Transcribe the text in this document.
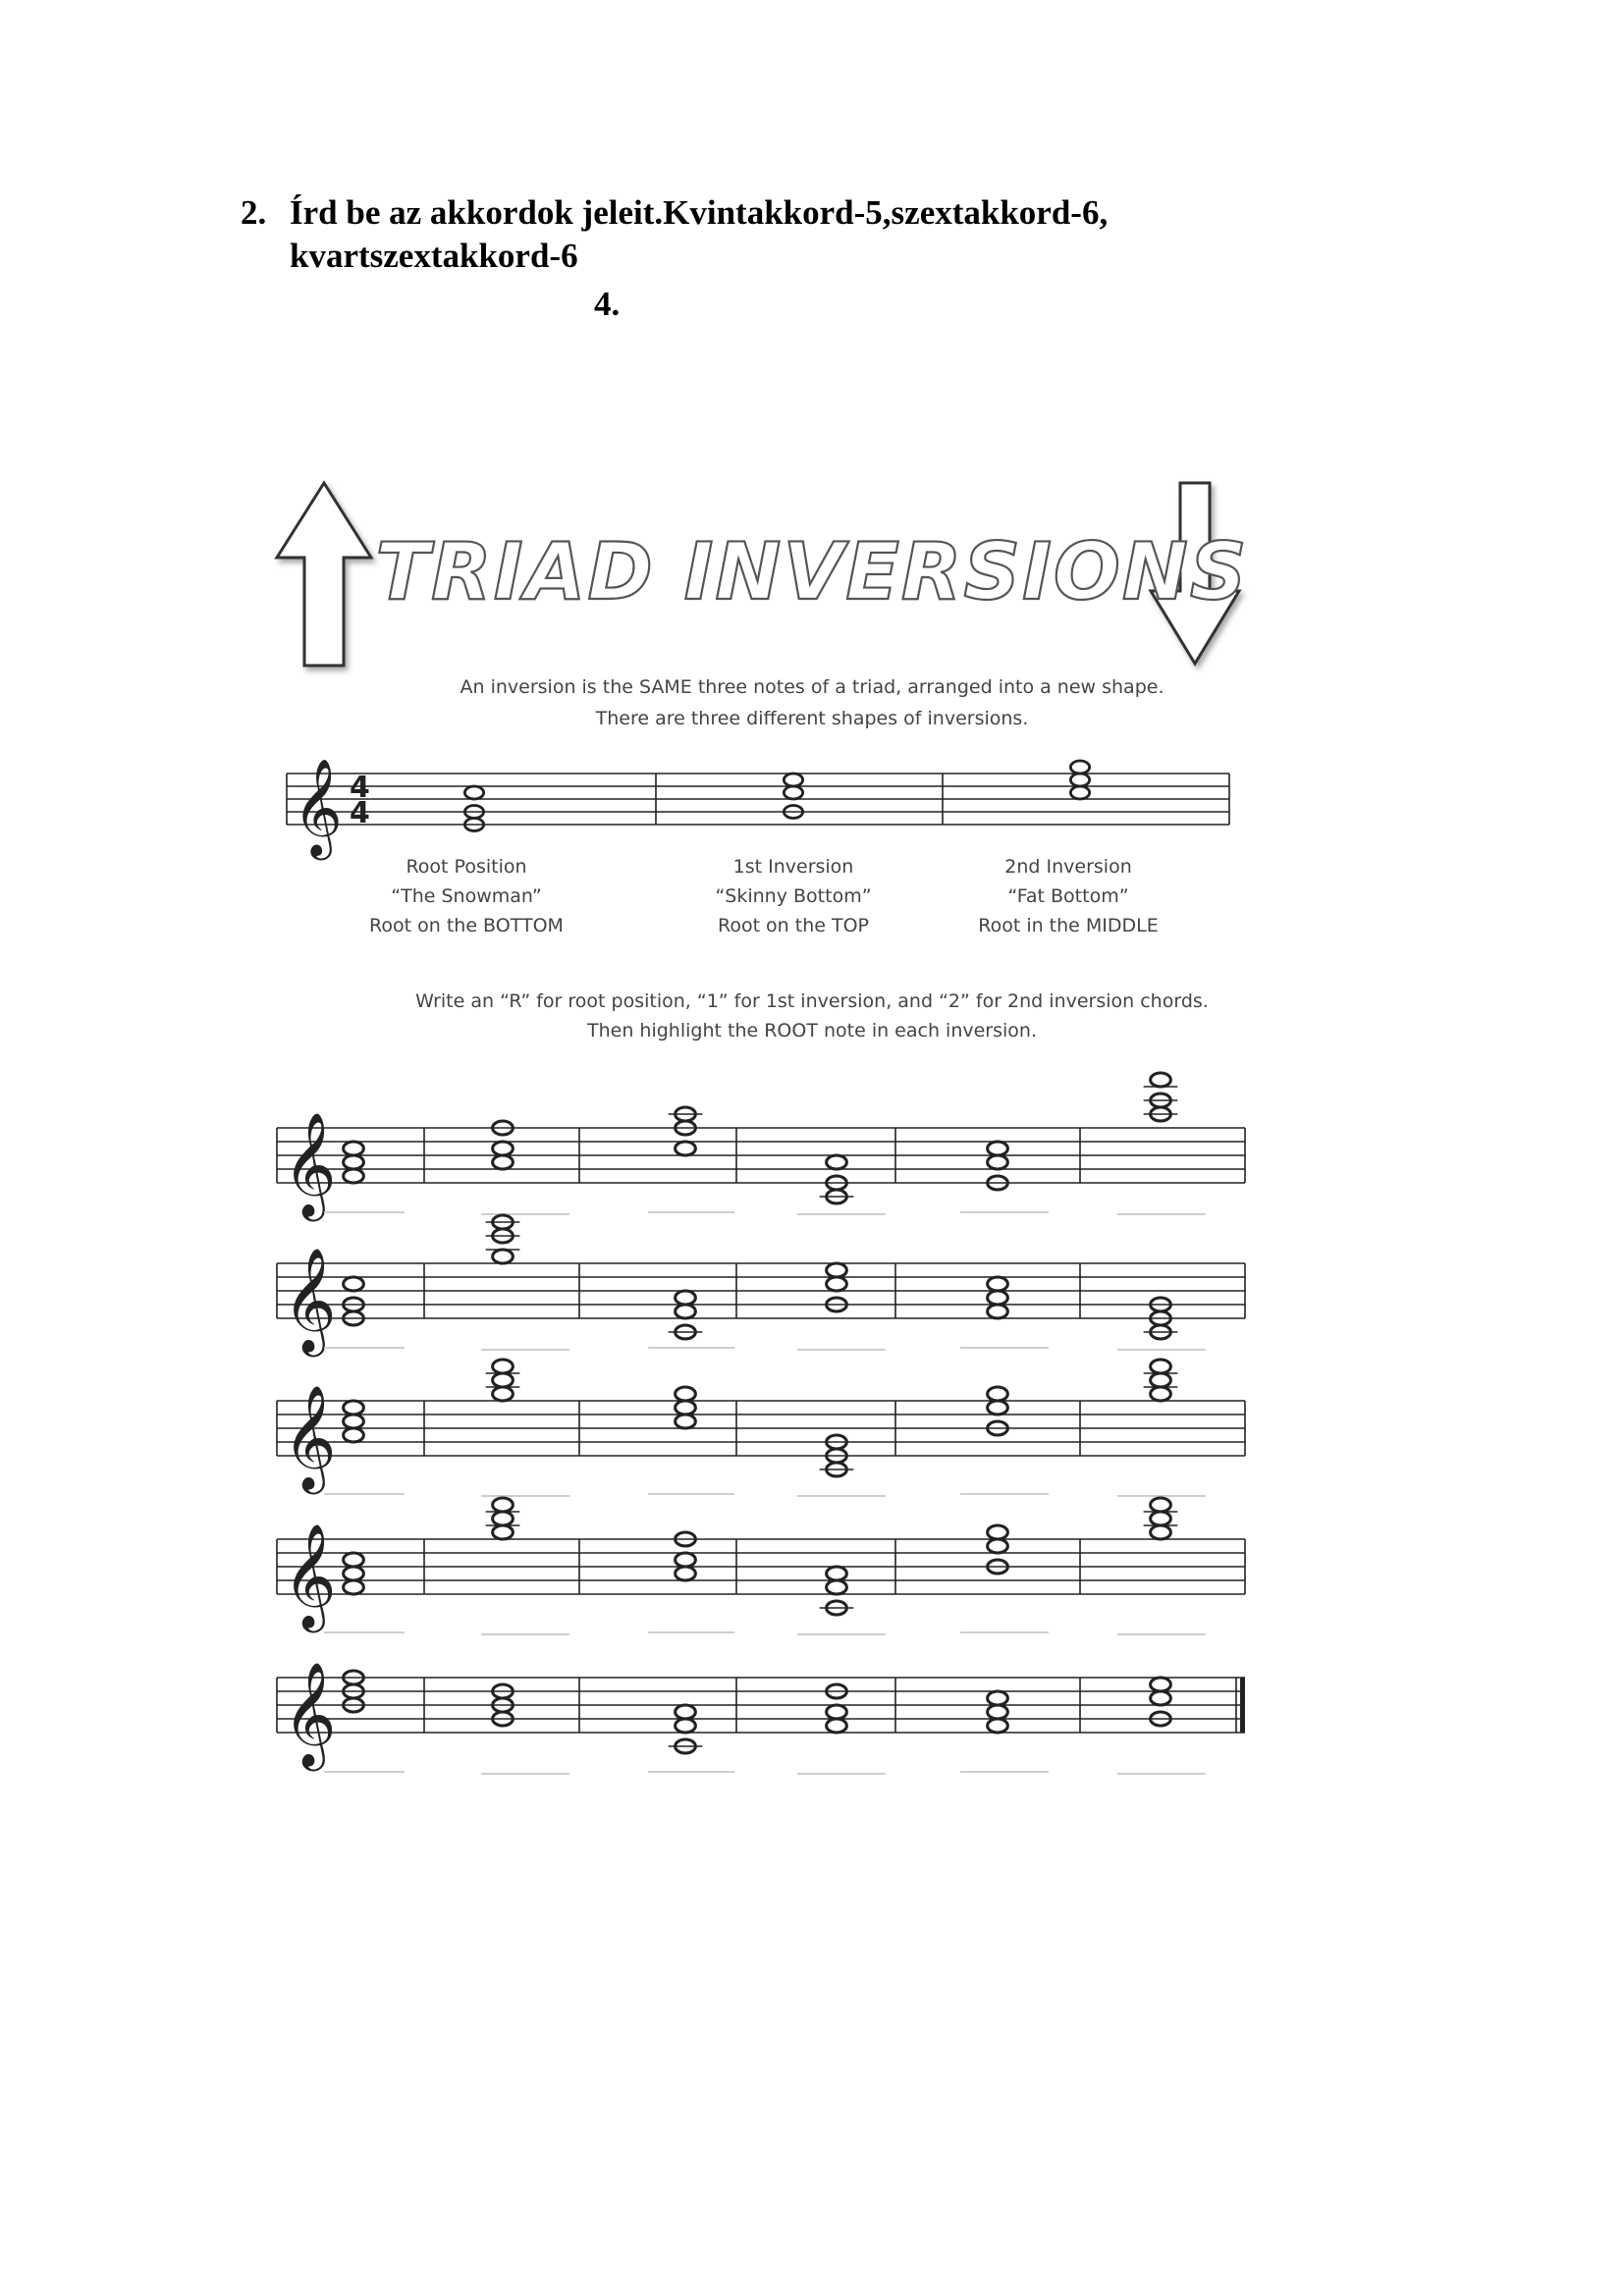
2. Írd be az akkordok jeleit.Kvintakkord-5,szextakkord-6,
kvartszextakkord-6
4.
TRIAD INVERSIONS
𝄞 4
4
𝄞
𝄞
𝄞
𝄞
𝄞
An inversion is the SAME three notes of a triad, arranged into a new shape.
There are three different shapes of inversions.
Root Position
“The Snowman”
Root on the BOTTOM
1st Inversion
“Skinny Bottom”
Root on the TOP
2nd Inversion
“Fat Bottom”
Root in the MIDDLE
Write an “R” for root position, “1” for 1st inversion, and “2” for 2nd inversion chords.
Then highlight the ROOT note in each inversion.
